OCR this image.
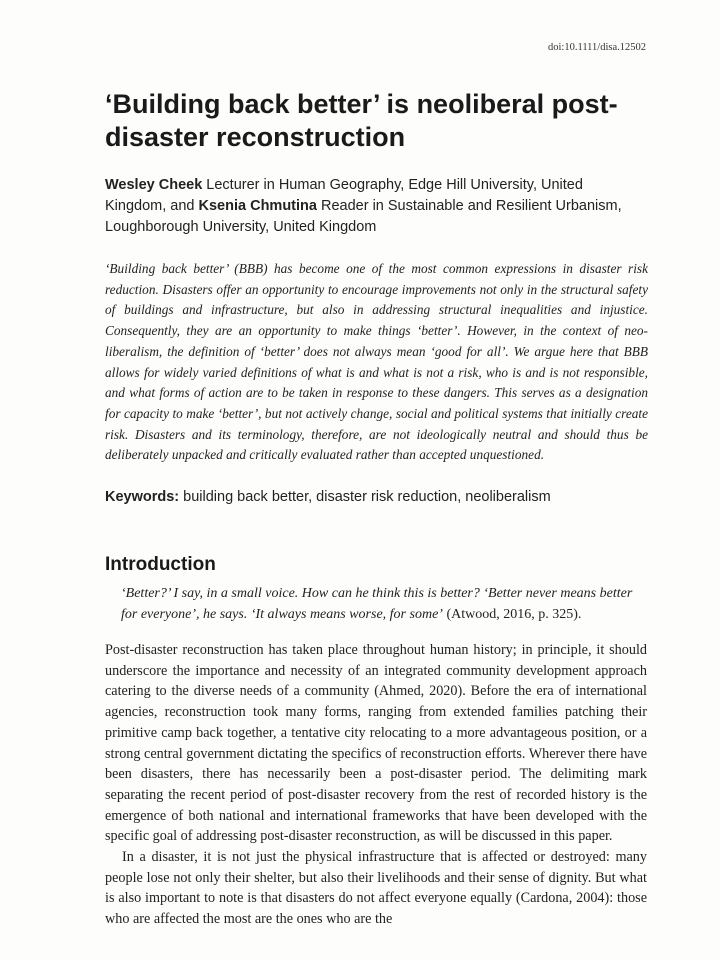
doi:10.1111/disa.12502
‘Building back better’ is neoliberal post-disaster reconstruction

Wesley Cheek Lecturer in Human Geography, Edge Hill University, United Kingdom, and Ksenia Chmutina Reader in Sustainable and Resilient Urbanism, Loughborough University, United Kingdom

‘Building back better’ (BBB) has become one of the most common expressions in disaster risk reduction. Disasters offer an opportunity to encourage improvements not only in the structural safety of buildings and infrastructure, but also in addressing structural inequalities and injustice. Consequently, they are an opportunity to make things ‘better’. However, in the context of neo-liberalism, the definition of ‘better’ does not always mean ‘good for all’. We argue here that BBB allows for widely varied definitions of what is and what is not a risk, who is and is not responsible, and what forms of action are to be taken in response to these dangers. This serves as a designation for capacity to make ‘better’, but not actively change, social and political systems that initially create risk. Disasters and its terminology, therefore, are not ideologically neutral and should thus be deliberately unpacked and critically evaluated rather than accepted unquestioned.

Keywords: building back better, disaster risk reduction, neoliberalism

Introduction

‘Better?’ I say, in a small voice. How can he think this is better? ‘Better never means better for everyone’, he says. ‘It always means worse, for some’ (Atwood, 2016, p. 325).

Post-disaster reconstruction has taken place throughout human history; in principle, it should underscore the importance and necessity of an integrated community development approach catering to the diverse needs of a community (Ahmed, 2020). Before the era of international agencies, reconstruction took many forms, ranging from extended families patching their primitive camp back together, a tentative city relocating to a more advantageous position, or a strong central government dictating the specifics of reconstruction efforts. Wherever there have been disasters, there has necessarily been a post-disaster period. The delimiting mark separating the recent period of post-disaster recovery from the rest of recorded history is the emergence of both national and international frameworks that have been developed with the specific goal of addressing post-disaster reconstruction, as will be discussed in this paper.

In a disaster, it is not just the physical infrastructure that is affected or destroyed: many people lose not only their shelter, but also their livelihoods and their sense of dignity. But what is also important to note is that disasters do not affect everyone equally (Cardona, 2004): those who are affected the most are the ones who are the
